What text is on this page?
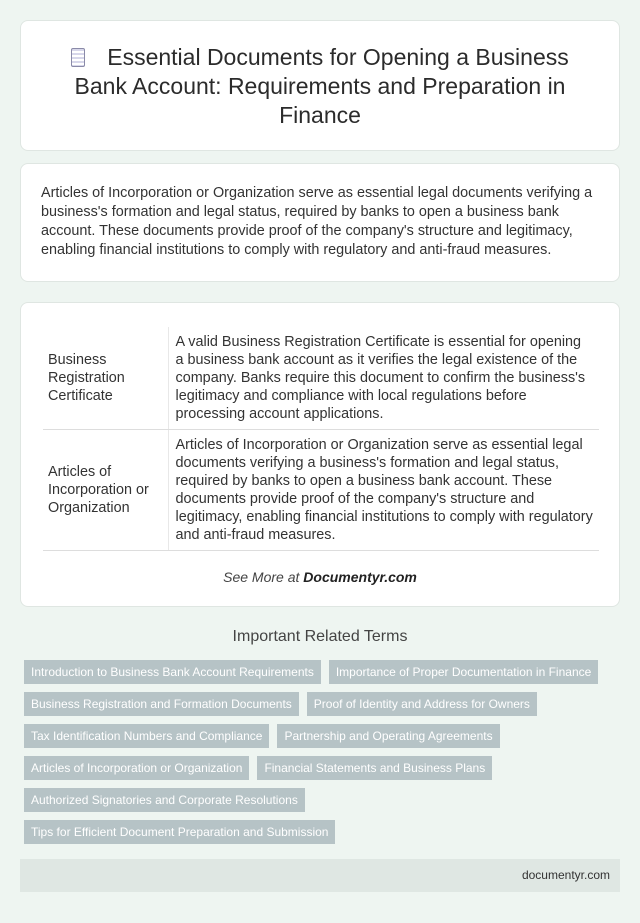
Essential Documents for Opening a Business Bank Account: Requirements and Preparation in Finance

Articles of Incorporation or Organization serve as essential legal documents verifying a business's formation and legal status, required by banks to open a business bank account. These documents provide proof of the company's structure and legitimacy, enabling financial institutions to comply with regulatory and anti-fraud measures.

Business Registration Certificate	A valid Business Registration Certificate is essential for opening a business bank account as it verifies the legal existence of the company. Banks require this document to confirm the business's legitimacy and compliance with local regulations before processing account applications.
Articles of Incorporation or Organization	Articles of Incorporation or Organization serve as essential legal documents verifying a business's formation and legal status, required by banks to open a business bank account. These documents provide proof of the company's structure and legitimacy, enabling financial institutions to comply with regulatory and anti-fraud measures.
See More at Documentyr.com
Important Related Terms
Introduction to Business Bank Account Requirements	Importance of Proper Documentation in Finance
Business Registration and Formation Documents	Proof of Identity and Address for Owners
Tax Identification Numbers and Compliance	Partnership and Operating Agreements
Articles of Incorporation or Organization	Financial Statements and Business Plans
Authorized Signatories and Corporate Resolutions
Tips for Efficient Document Preparation and Submission
documentyr.com
